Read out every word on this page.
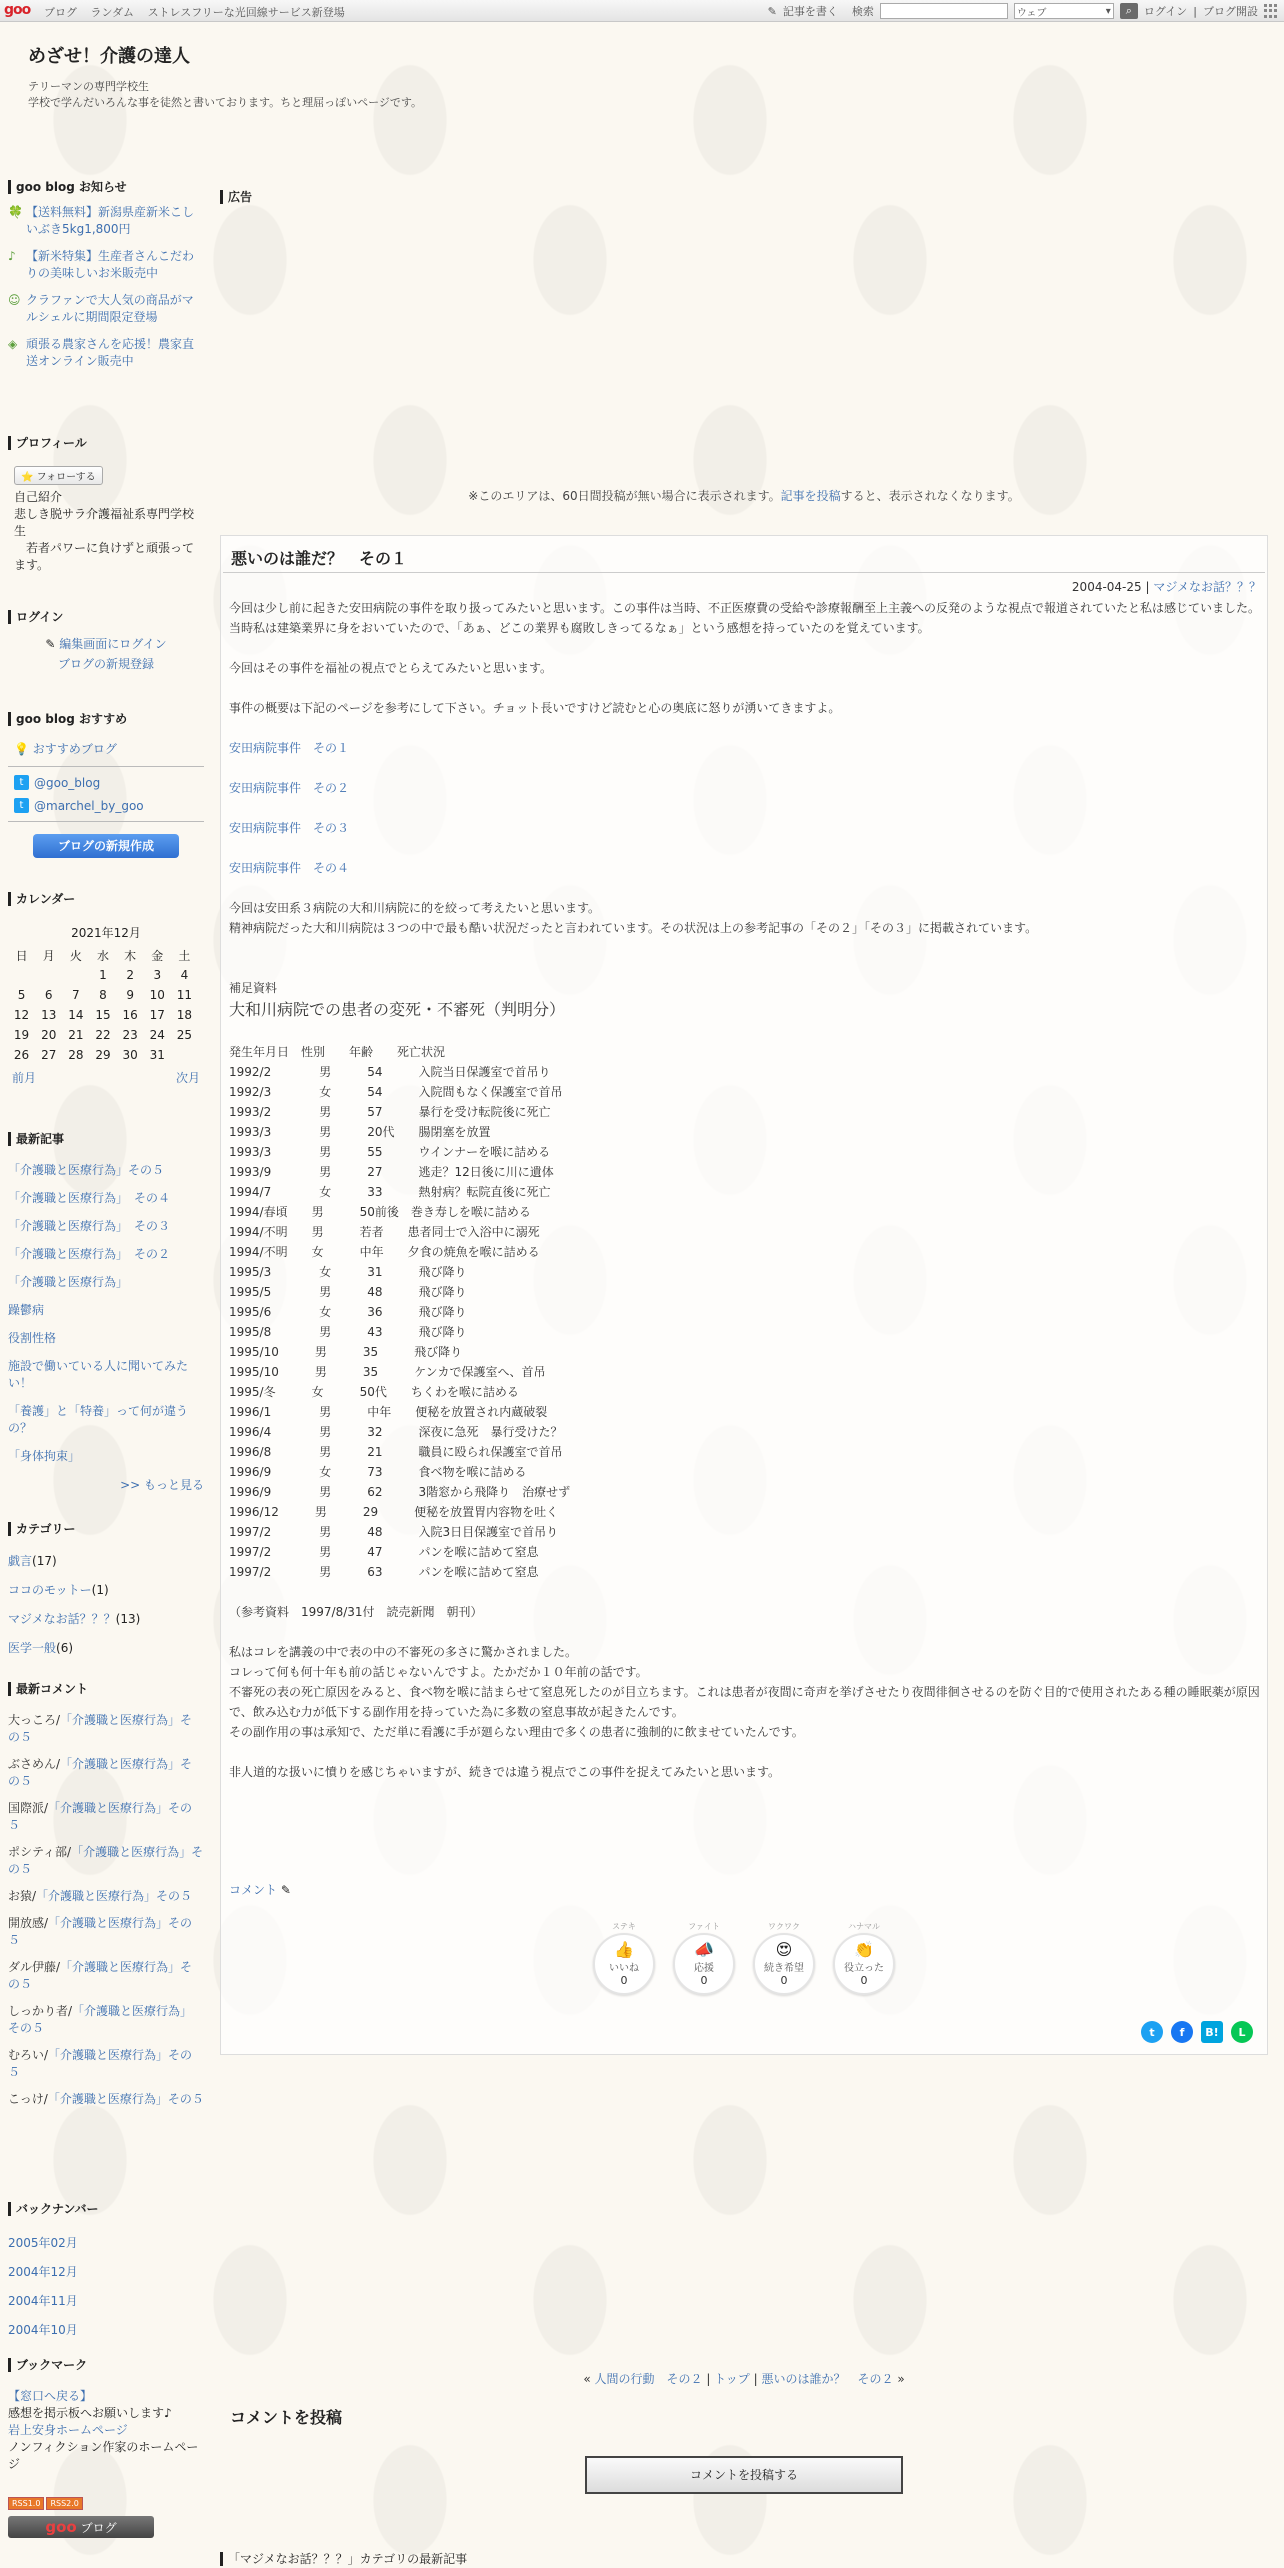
goo ブログ ランダム ストレスフリーな光回線サービス新登場	✎ 記事を書く 検索	ウェブ	▾	⌕	ログイン | ブログ開設
めざせ！介護の達人
テリーマンの専門学校生
学校で学んだいろんな事を徒然と書いております。ちと理屈っぽいページです。
goo blog お知らせ
🍀 【送料無料】新潟県産新米こしいぶき5kg1,800円
♪ 【新米特集】生産者さんこだわりの美味しいお米販売中
☺ クラファンで大人気の商品がマルシェルに期間限定登場
◈ 頑張る農家さんを応援！農家直送オンライン販売中
プロフィール
⭐ フォローする

自己紹介

悲しき脱サラ介護福祉系専門学校生

　若者パワーに負けずと頑張ってます。

ログイン
✎ 編集画面にログイン
ブログの新規登録
goo blog おすすめ
💡 おすすめブログ
t @goo_blog
t @marchel_by_goo
ブログの新規作成
カレンダー
2021年12月
日	月	火	水	木	金	土
			1	2	3	4
5	6	7	8	9	10	11
12	13	14	15	16	17	18
19	20	21	22	23	24	25
26	27	28	29	30	31	
前月	次月
最新記事
「介護職と医療行為」その５
「介護職と医療行為」　その４
「介護職と医療行為」　その３
「介護職と医療行為」　その２
「介護職と医療行為」
躁鬱病
役割性格
施設で働いている人に聞いてみたい！
「養護」と「特養」って何が違うの？
「身体拘束」
>> もっと見る
カテゴリー
戯言(17)
ココのモットー(1)
マジメなお話？？？(13)
医学一般(6)
最新コメント
大っころ/「介護職と医療行為」その５
ぶさめん/「介護職と医療行為」その５
国際派/「介護職と医療行為」その５
ポシティ部/「介護職と医療行為」その５
お猿/「介護職と医療行為」その５
開放感/「介護職と医療行為」その５
ダル伊藤/「介護職と医療行為」その５
しっかり者/「介護職と医療行為」その５
むろい/「介護職と医療行為」その５
こっけ/「介護職と医療行為」その５
バックナンバー
2005年02月
2004年12月
2004年11月
2004年10月
ブックマーク
【窓口へ戻る】
感想を掲示板へお願いします♪
岩上安身ホームページ
ノンフィクション作家のホームページ
RSS1.0	RSS2.0
goo ブログ
広告
※このエリアは、60日間投稿が無い場合に表示されます。記事を投稿すると、表示されなくなります。
悪いのは誰だ？　その１
2004-04-25 | マジメなお話？？？

今回は少し前に起きた安田病院の事件を取り扱ってみたいと思います。この事件は当時、不正医療費の受給や診療報酬至上主義への反発のような視点で報道されていたと私は感じていました。

当時私は建築業界に身をおいていたので、「あぁ、どこの業界も腐敗しきってるなぁ」という感想を持っていたのを覚えています。

今回はその事件を福祉の視点でとらえてみたいと思います。

事件の概要は下記のページを参考にして下さい。チョット長いですけど読むと心の奥底に怒りが湧いてきますよ。

安田病院事件　その１

安田病院事件　その２

安田病院事件　その３

安田病院事件　その４

今回は安田系３病院の大和川病院に的を絞って考えたいと思います。

精神病院だった大和川病院は３つの中で最も酷い状況だったと言われています。その状況は上の参考記事の「その２」「その３」に掲載されています。

補足資料

大和川病院での患者の変死・不審死（判明分）

発生年月日　性別　　年齢　　死亡状況

1992/2　　　　男　　　54　　　入院当日保護室で首吊り

1992/3　　　　女　　　54　　　入院間もなく保護室で首吊

1993/2　　　　男　　　57　　　暴行を受け転院後に死亡

1993/3　　　　男　　　20代　　腸閉塞を放置

1993/3　　　　男　　　55　　　ウインナーを喉に詰める

1993/9　　　　男　　　27　　　逃走？12日後に川に遺体

1994/7　　　　女　　　33　　　熱射病？転院直後に死亡

1994/春頃　　男　　　50前後　巻き寿しを喉に詰める

1994/不明　　男　　　若者　　患者同士で入浴中に溺死

1994/不明　　女　　　中年　　夕食の焼魚を喉に詰める

1995/3　　　　女　　　31　　　飛び降り

1995/5　　　　男　　　48　　　飛び降り

1995/6　　　　女　　　36　　　飛び降り

1995/8　　　　男　　　43　　　飛び降り

1995/10　　　男　　　35　　　飛び降り

1995/10　　　男　　　35　　　ケンカで保護室へ、首吊

1995/冬　　　女　　　50代　　ちくわを喉に詰める

1996/1　　　　男　　　中年　　便秘を放置され内蔵破裂

1996/4　　　　男　　　32　　　深夜に急死　暴行受けた？

1996/8　　　　男　　　21　　　職員に殴られ保護室で首吊

1996/9　　　　女　　　73　　　食べ物を喉に詰める

1996/9　　　　男　　　62　　　3階窓から飛降り　治療せず

1996/12　　　男　　　29　　　便秘を放置胃内容物を吐く

1997/2　　　　男　　　48　　　入院3日目保護室で首吊り

1997/2　　　　男　　　47　　　パンを喉に詰めて窒息

1997/2　　　　男　　　63　　　パンを喉に詰めて窒息

（参考資料　1997/8/31付　読売新聞　朝刊）

私はコレを講義の中で表の中の不審死の多さに驚かされました。

コレって何も何十年も前の話じゃないんですよ。たかだか１０年前の話です。

不審死の表の死亡原因をみると、食べ物を喉に詰まらせて窒息死したのが目立ちます。これは患者が夜間に奇声を挙げさせたり夜間徘徊させるのを防ぐ目的で使用されたある種の睡眠薬が原因で、飲み込む力が低下する副作用を持っていた為に多数の窒息事故が起きたんです。

その副作用の事は承知で、ただ単に看護に手が廻らない理由で多くの患者に強制的に飲ませていたんです。

非人道的な扱いに憤りを感じちゃいますが、続きでは違う視点でこの事件を捉えてみたいと思います。

コメント ✎
ステキ
👍
いいね
0
ファイト
📣
応援
0
ワクワク
😍
続き希望
0
ハナマル
👏
役立った
0
t	f	B!	L
« 人間の行動　その２ | トップ | 悪いのは誰か？　その２ »
コメントを投稿
コメントを投稿する
「マジメなお話？？？」カテゴリの最新記事
